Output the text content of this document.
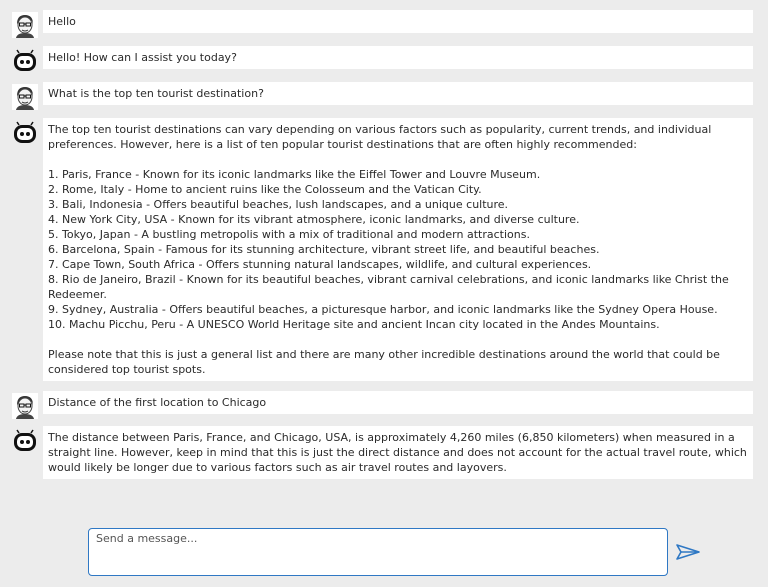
Hello
Hello! How can I assist you today?
What is the top ten tourist destination?
The top ten tourist destinations can vary depending on various factors such as popularity, current trends, and individual preferences. However, here is a list of ten popular tourist destinations that are often highly recommended:

1. Paris, France - Known for its iconic landmarks like the Eiffel Tower and Louvre Museum.
2. Rome, Italy - Home to ancient ruins like the Colosseum and the Vatican City.
3. Bali, Indonesia - Offers beautiful beaches, lush landscapes, and a unique culture.
4. New York City, USA - Known for its vibrant atmosphere, iconic landmarks, and diverse culture.
5. Tokyo, Japan - A bustling metropolis with a mix of traditional and modern attractions.
6. Barcelona, Spain - Famous for its stunning architecture, vibrant street life, and beautiful beaches.
7. Cape Town, South Africa - Offers stunning natural landscapes, wildlife, and cultural experiences.
8. Rio de Janeiro, Brazil - Known for its beautiful beaches, vibrant carnival celebrations, and iconic landmarks like Christ the Redeemer.
9. Sydney, Australia - Offers beautiful beaches, a picturesque harbor, and iconic landmarks like the Sydney Opera House.
10. Machu Picchu, Peru - A UNESCO World Heritage site and ancient Incan city located in the Andes Mountains.

Please note that this is just a general list and there are many other incredible destinations around the world that could be considered top tourist spots.
Distance of the first location to Chicago
The distance between Paris, France, and Chicago, USA, is approximately 4,260 miles (6,850 kilometers) when measured in a straight line. However, keep in mind that this is just the direct distance and does not account for the actual travel route, which would likely be longer due to various factors such as air travel routes and layovers.
Send a message...
